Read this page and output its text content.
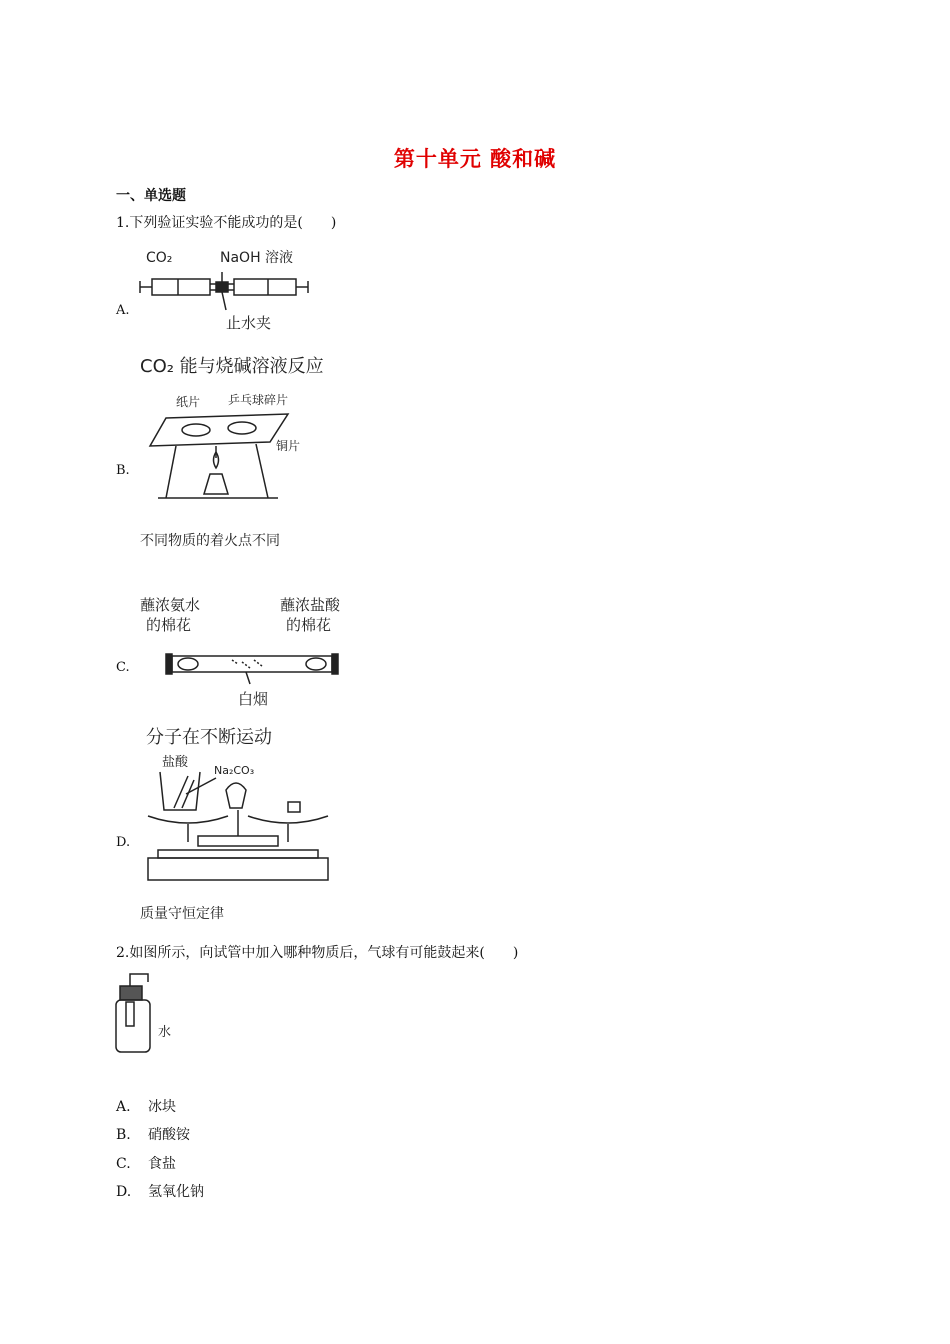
第十单元 酸和碱
一、单选题
1.下列验证实验不能成功的是(　　)
A.
CO₂	NaOH 溶液
止水夹
CO₂ 能与烧碱溶液反应
B.
纸片 乒乓球碎片
铜片
不同物质的着火点不同
C.
蘸浓氨水
的棉花
蘸浓盐酸
的棉花
白烟
分子在不断运动
D.
盐酸
Na₂CO₃
质量守恒定律
2.如图所示，向试管中加入哪种物质后，气球有可能鼓起来(　　)
水
A. 冰块
B. 硝酸铵
C. 食盐
D. 氢氧化钠
